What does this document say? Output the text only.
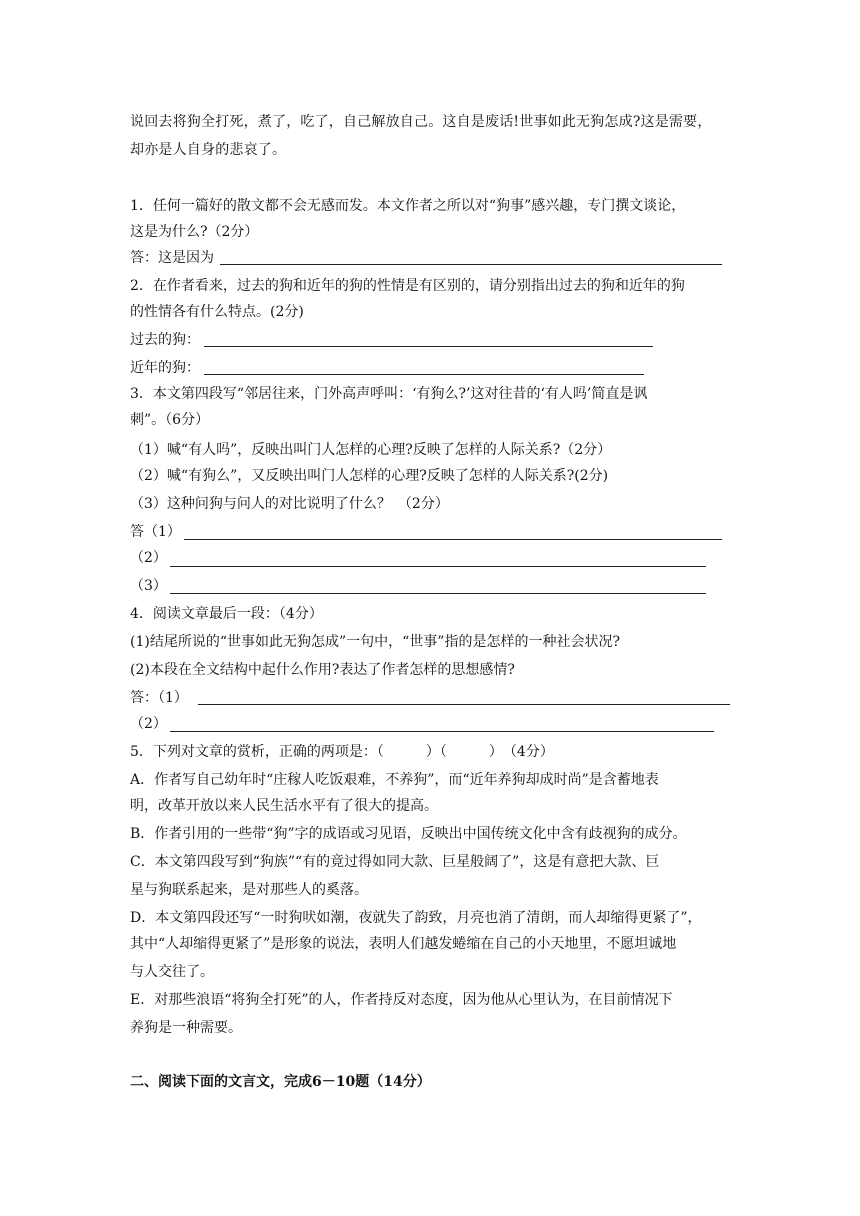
说回去将狗全打死，煮了，吃了，自己解放自己。这自是废话!世事如此无狗怎成?这是需要，
却亦是人自身的悲哀了。
1．任何一篇好的散文都不会无感而发。本文作者之所以对“狗事”感兴趣，专门撰文谈论，
这是为什么?（2分）
答：这是因为
2．在作者看来，过去的狗和近年的狗的性情是有区别的，请分别指出过去的狗和近年的狗
的性情各有什么特点。(2分)
过去的狗：
近年的狗：
3．本文第四段写“邻居往来，门外高声呼叫：‘有狗么?’这对往昔的‘有人吗’简直是讽
刺”。（6分）
（1）喊“有人吗”，反映出叫门人怎样的心理?反映了怎样的人际关系?（2分）
（2）喊“有狗么”，又反映出叫门人怎样的心理?反映了怎样的人际关系?(2分)
（3）这种问狗与问人的对比说明了什么？　（2分）
答（1）
（2）
（3）
4．阅读文章最后一段：（4分）
(1)结尾所说的“世事如此无狗怎成”一句中，“世事”指的是怎样的一种社会状况?
(2)本段在全文结构中起什么作用?表达了作者怎样的思想感情?
答：（1）
（2）
5．下列对文章的赏析，正确的两项是：（　　　）（　　　）　（4分）
A．作者写自己幼年时“庄稼人吃饭艰难，不养狗”，而“近年养狗却成时尚”是含蓄地表
明，改革开放以来人民生活水平有了很大的提高。
B．作者引用的一些带“狗”字的成语或习见语，反映出中国传统文化中含有歧视狗的成分。
C．本文第四段写到“狗族”“有的竟过得如同大款、巨星般阔了”，这是有意把大款、巨
星与狗联系起来，是对那些人的奚落。
D．本文第四段还写“一时狗吠如潮，夜就失了韵致，月亮也消了清朗，而人却缩得更紧了”，
其中“人却缩得更紧了”是形象的说法，表明人们越发蜷缩在自己的小天地里，不愿坦诚地
与人交往了。
E．对那些浪语“将狗全打死”的人，作者持反对态度，因为他从心里认为，在目前情况下
养狗是一种需要。
二、阅读下面的文言文，完成6－10题（14分）
